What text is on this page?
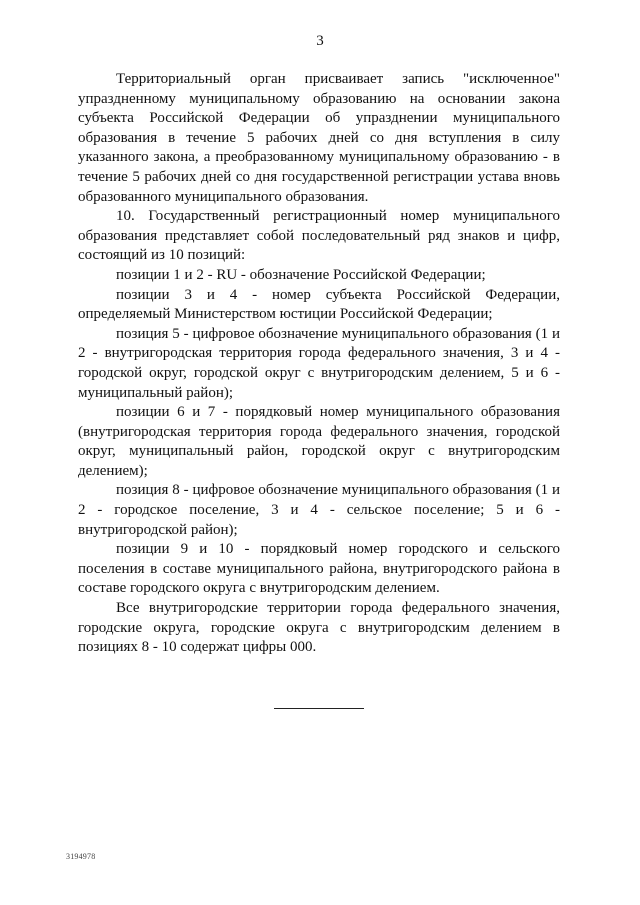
3

Территориальный орган присваивает запись "исключенное" упраздненному муниципальному образованию на основании закона субъекта Российской Федерации об упразднении муниципального образования в течение 5 рабочих дней со дня вступления в силу указанного закона, а преобразованному муниципальному образованию - в течение 5 рабочих дней со дня государственной регистрации устава вновь образованного муниципального образования.

10. Государственный регистрационный номер муниципального образования представляет собой последовательный ряд знаков и цифр, состоящий из 10 позиций:

позиции 1 и 2 - RU - обозначение Российской Федерации;

позиции 3 и 4 - номер субъекта Российской Федерации, определяемый Министерством юстиции Российской Федерации;

позиция 5 - цифровое обозначение муниципального образования (1 и 2 - внутригородская территория города федерального значения, 3 и 4 - городской округ, городской округ с внутригородским делением, 5 и 6 - муниципальный район);

позиции 6 и 7 - порядковый номер муниципального образования (внутригородская территория города федерального значения, городской округ, муниципальный район, городской округ с внутригородским делением);

позиция 8 - цифровое обозначение муниципального образования (1 и 2 - городское поселение, 3 и 4 - сельское поселение; 5 и 6 - внутригородской район);

позиции 9 и 10 - порядковый номер городского и сельского поселения в составе муниципального района, внутригородского района в составе городского округа с внутригородским делением.

Все внутригородские территории города федерального значения, городские округа, городские округа с внутригородским делением в позициях 8 - 10 содержат цифры 000.

3194978
